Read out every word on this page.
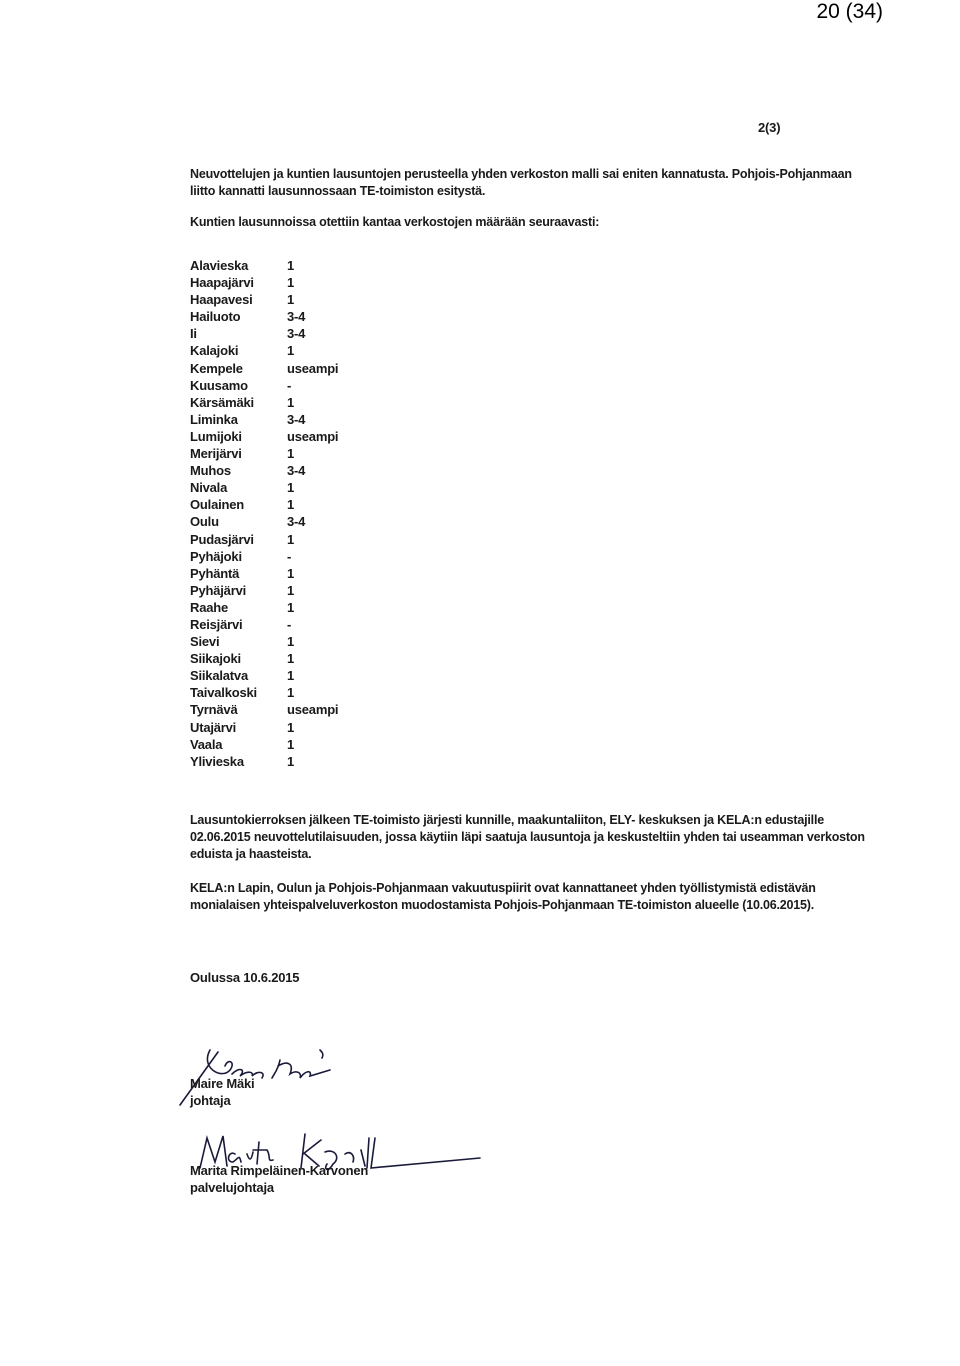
20 (34)
2(3)

Neuvottelujen ja kuntien lausuntojen perusteella yhden verkoston malli sai eniten kannatusta. Pohjois-Pohjanmaan liitto kannatti lausunnossaan TE-toimiston esitystä.

Kuntien lausunnoissa otettiin kantaa verkostojen määrään seuraavasti:

Alavieska	1
Haapajärvi	1
Haapavesi	1
Hailuoto	3-4
Ii	3-4
Kalajoki	1
Kempele	useampi
Kuusamo	-
Kärsämäki	1
Liminka	3-4
Lumijoki	useampi
Merijärvi	1
Muhos	3-4
Nivala	1
Oulainen	1
Oulu	3-4
Pudasjärvi	1
Pyhäjoki	-
Pyhäntä	1
Pyhäjärvi	1
Raahe	1
Reisjärvi	-
Sievi	1
Siikajoki	1
Siikalatva	1
Taivalkoski 1
Tyrnävä	useampi
Utajärvi	1
Vaala	1
Ylivieska	1

Lausuntokierroksen jälkeen TE-toimisto järjesti kunnille, maakuntaliiton, ELY- keskuksen ja KELA:n edustajille 02.06.2015 neuvottelutilaisuuden, jossa käytiin läpi saatuja lausuntoja ja keskusteltiin yhden tai useamman verkoston eduista ja haasteista.

KELA:n Lapin, Oulun ja Pohjois-Pohjanmaan vakuutuspiirit ovat kannattaneet yhden työllistymistä edistävän monialaisen yhteispalveluverkoston muodostamista Pohjois-Pohjanmaan TE-toimiston alueelle (10.06.2015).

Oulussa 10.6.2015
Maire Mäki
johtaja
Marita Rimpeläinen-Karvonen
palvelujohtaja
